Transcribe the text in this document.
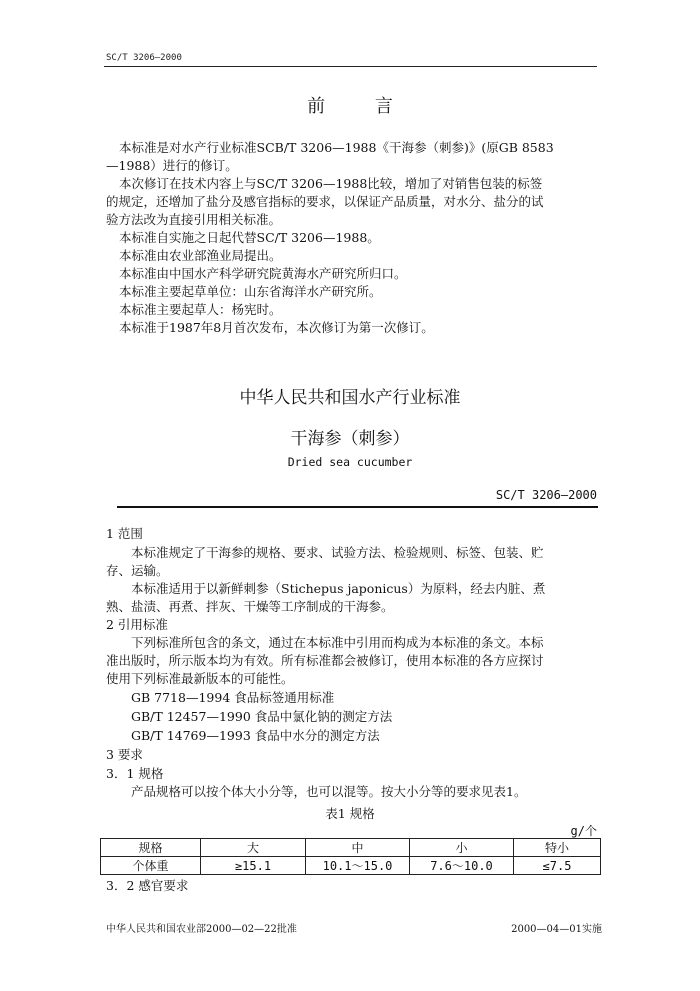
SC/T 3206—2000
前 言
本标准是对水产行业标准SCB/T 3206—1988《干海参（刺参)》(原GB 8583
—1988）进行的修订。
本次修订在技术内容上与SC/T 3206—1988比较，增加了对销售包装的标签
的规定，还增加了盐分及感官指标的要求，以保证产品质量，对水分、盐分的试
验方法改为直接引用相关标准。
本标准自实施之日起代替SC/T 3206—1988。
本标准由农业部渔业局提出。
本标准由中国水产科学研究院黄海水产研究所归口。
本标准主要起草单位：山东省海洋水产研究所。
本标准主要起草人：杨宪时。
本标准于1987年8月首次发布，本次修订为第一次修订。
中华人民共和国水产行业标准
干海参（刺参）
Dried sea cucumber
SC/T 3206—2000
1 范围
本标准规定了干海参的规格、要求、试验方法、检验规则、标签、包装、贮
存、运输。
本标准适用于以新鲜刺参（Stichepus japonicus）为原料，经去内脏、煮
熟、盐渍、再煮、拌灰、干燥等工序制成的干海参。
2 引用标准
下列标准所包含的条文，通过在本标准中引用而构成为本标准的条文。本标
准出版时，所示版本均为有效。所有标准都会被修订，使用本标准的各方应探讨
使用下列标准最新版本的可能性。
GB 7718—1994 食品标签通用标准
GB/T 12457—1990 食品中氯化钠的测定方法
GB/T 14769—1993 食品中水分的测定方法
3 要求
3．1 规格
产品规格可以按个体大小分等，也可以混等。按大小分等的要求见表1。
表1 规格
g/个
规格	大	中	小	特小
个体重	≥15.1	10.1～15.0	7.6～10.0	≤7.5
3．2 感官要求
中华人民共和国农业部2000—02—22批准	2000—04—01实施
